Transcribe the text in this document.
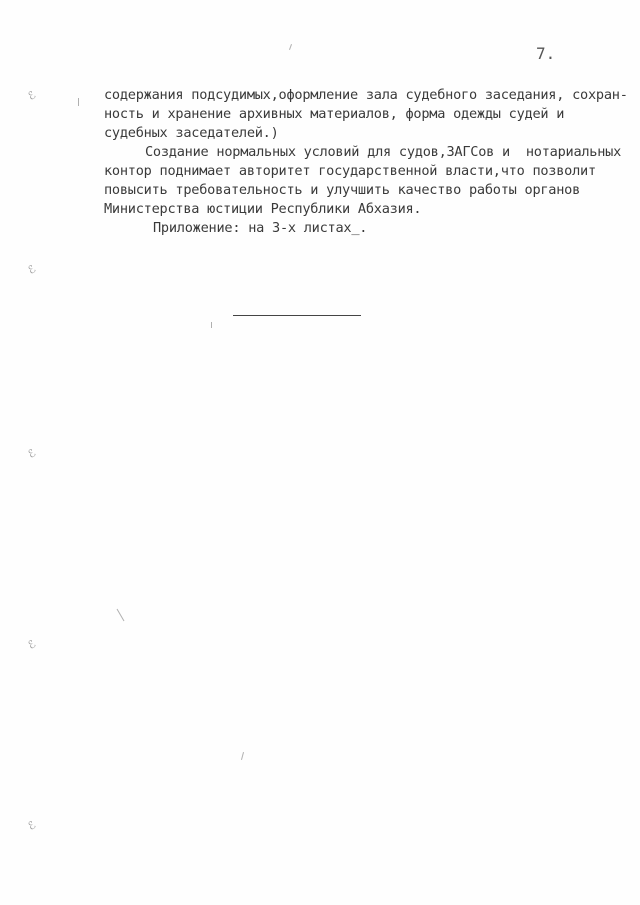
7.
содержания подсудимых,оформление зала судебного заседания, сохран-
ность и хранение архивных материалов, форма одежды судей и
судебных заседателей.)
Создание нормальных условий для судов,ЗАГСов и  нотариальных
контор поднимает авторитет государственной власти,что позволит
повысить требовательность и улучшить качество работы органов
Министерства юстиции Республики Абхазия.
Приложение: на 3-х листах_.
ℰ
ℰ
ℰ
ℰ
ℰ
